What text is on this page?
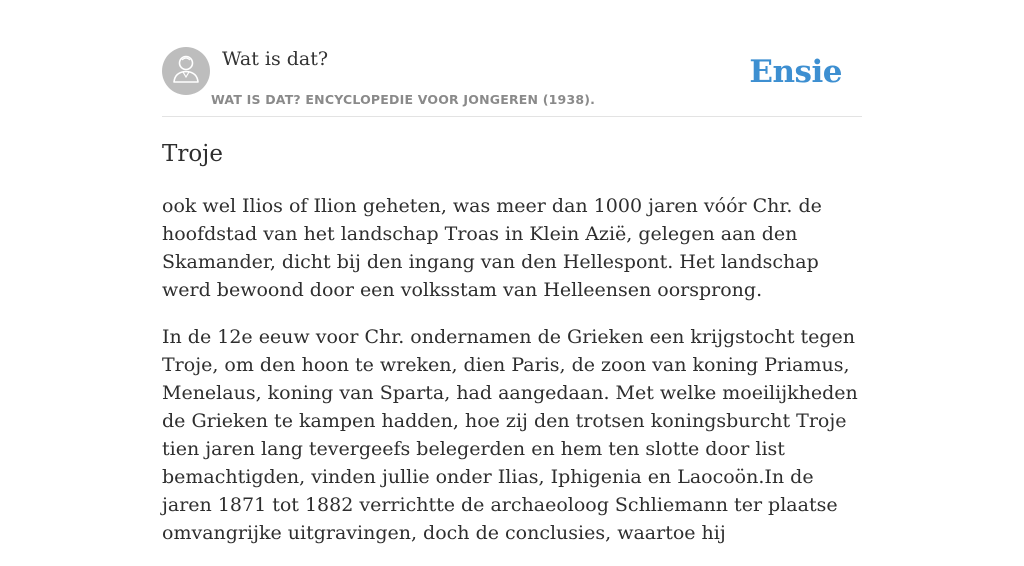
Wat is dat?
WAT IS DAT? ENCYCLOPEDIE VOOR JONGEREN (1938).
Ensie
Troje

ook wel Ilios of Ilion geheten, was meer dan 1000 jaren vóór Chr. de hoofdstad van het landschap Troas in Klein Azië, gelegen aan den Skamander, dicht bij den ingang van den Hellespont. Het landschap werd bewoond door een volksstam van Helleensen oorsprong.

In de 12e eeuw voor Chr. ondernamen de Grieken een krijgstocht tegen Troje, om den hoon te wreken, dien Paris, de zoon van koning Priamus, Menelaus, koning van Sparta, had aangedaan. Met welke moeilijkheden de Grieken te kampen hadden, hoe zij den trotsen koningsburcht Troje tien jaren lang tevergeefs belegerden en hem ten slotte door list bemachtigden, vinden jullie onder Ilias, Iphigenia en Laocoön.In de jaren 1871 tot 1882 verrichtte de archaeoloog Schliemann ter plaatse omvangrijke uitgravingen, doch de conclusies, waartoe hij
